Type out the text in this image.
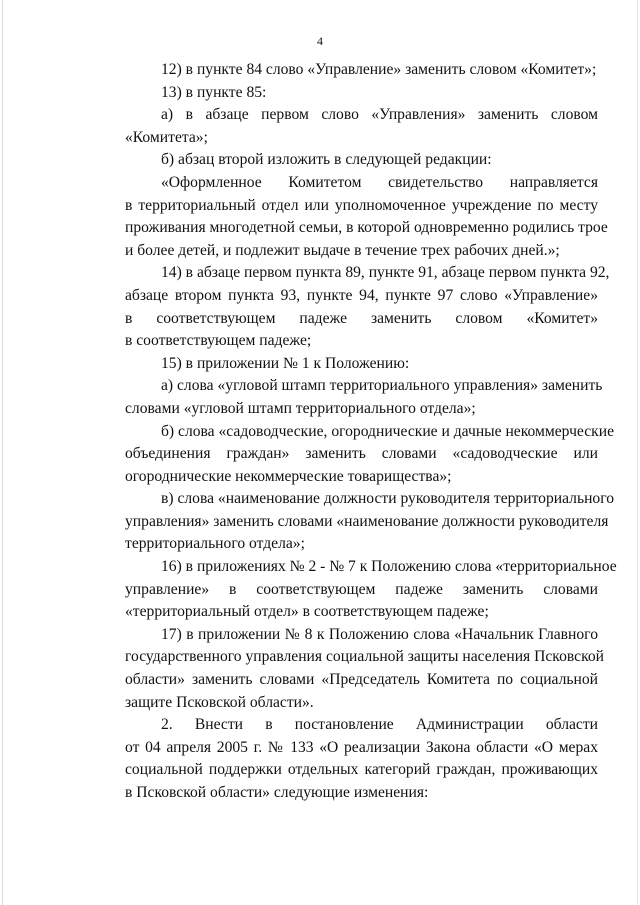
4

12) в пункте 84 слово «Управление» заменить словом «Комитет»;

13) в пункте 85:

а) в абзаце первом слово «Управления» заменить словом
«Комитета»;

б) абзац второй изложить в следующей редакции:

«Оформленное Комитетом свидетельство направляется
в территориальный отдел или уполномоченное учреждение по месту
проживания многодетной семьи, в которой одновременно родились трое
и более детей, и подлежит выдаче в течение трех рабочих дней.»;

14) в абзаце первом пункта 89, пункте 91, абзаце первом пункта 92,
абзаце втором пункта 93, пункте 94, пункте 97 слово «Управление»
в соответствующем падеже заменить словом «Комитет»
в соответствующем падеже;

15) в приложении № 1 к Положению:

а) слова «угловой штамп территориального управления» заменить
словами «угловой штамп территориального отдела»;

б) слова «садоводческие, огороднические и дачные некоммерческие
объединения граждан» заменить словами «садоводческие или
огороднические некоммерческие товарищества»;

в) слова «наименование должности руководителя территориального
управления» заменить словами «наименование должности руководителя
территориального отдела»;

16) в приложениях № 2 - № 7 к Положению слова «территориальное
управление» в соответствующем падеже заменить словами
«территориальный отдел» в соответствующем падеже;

17) в приложении № 8 к Положению слова «Начальник Главного
государственного управления социальной защиты населения Псковской
области» заменить словами «Председатель Комитета по социальной
защите Псковской области».

2. Внести в постановление Администрации области
от 04 апреля 2005 г. № 133 «О реализации Закона области «О мерах
социальной поддержки отдельных категорий граждан, проживающих
в Псковской области» следующие изменения:
